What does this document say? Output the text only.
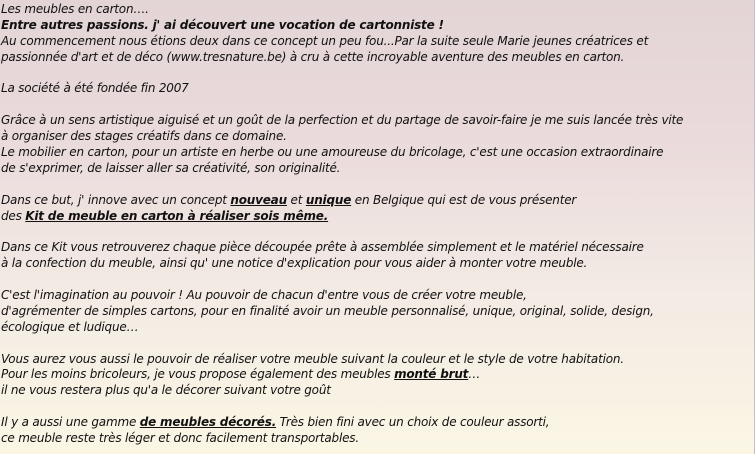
Les meubles en carton….
Entre autres passions. j' ai découvert une vocation de cartonniste !
Au commencement nous étions deux dans ce concept un peu fou...Par la suite seule Marie jeunes créatrices et
passionnée d'art et de déco (www.tresnature.be) à cru à cette incroyable aventure des meubles en carton.
La société à été fondée fin 2007
Grâce à un sens artistique aiguisé et un goût de la perfection et du partage de savoir-faire je me suis lancée très vite
à organiser des stages créatifs dans ce domaine.
Le mobilier en carton, pour un artiste en herbe ou une amoureuse du bricolage, c'est une occasion extraordinaire
de s'exprimer, de laisser aller sa créativité, son originalité.
Dans ce but, j' innove avec un concept nouveau et unique en Belgique qui est de vous présenter
des Kit de meuble en carton à réaliser sois même.
Dans ce Kit vous retrouverez chaque pièce découpée prête à assemblée simplement et le matériel nécessaire
à la confection du meuble, ainsi qu' une notice d'explication pour vous aider à monter votre meuble.
C'est l'imagination au pouvoir ! Au pouvoir de chacun d'entre vous de créer votre meuble,
d'agrémenter de simples cartons, pour en finalité avoir un meuble personnalisé, unique, original, solide, design,
écologique et ludique…
Vous aurez vous aussi le pouvoir de réaliser votre meuble suivant la couleur et le style de votre habitation.
Pour les moins bricoleurs, je vous propose également des meubles monté brut…
il ne vous restera plus qu'a le décorer suivant votre goût
Il y a aussi une gamme de meubles décorés. Très bien fini avec un choix de couleur assorti,
ce meuble reste très léger et donc facilement transportables.
